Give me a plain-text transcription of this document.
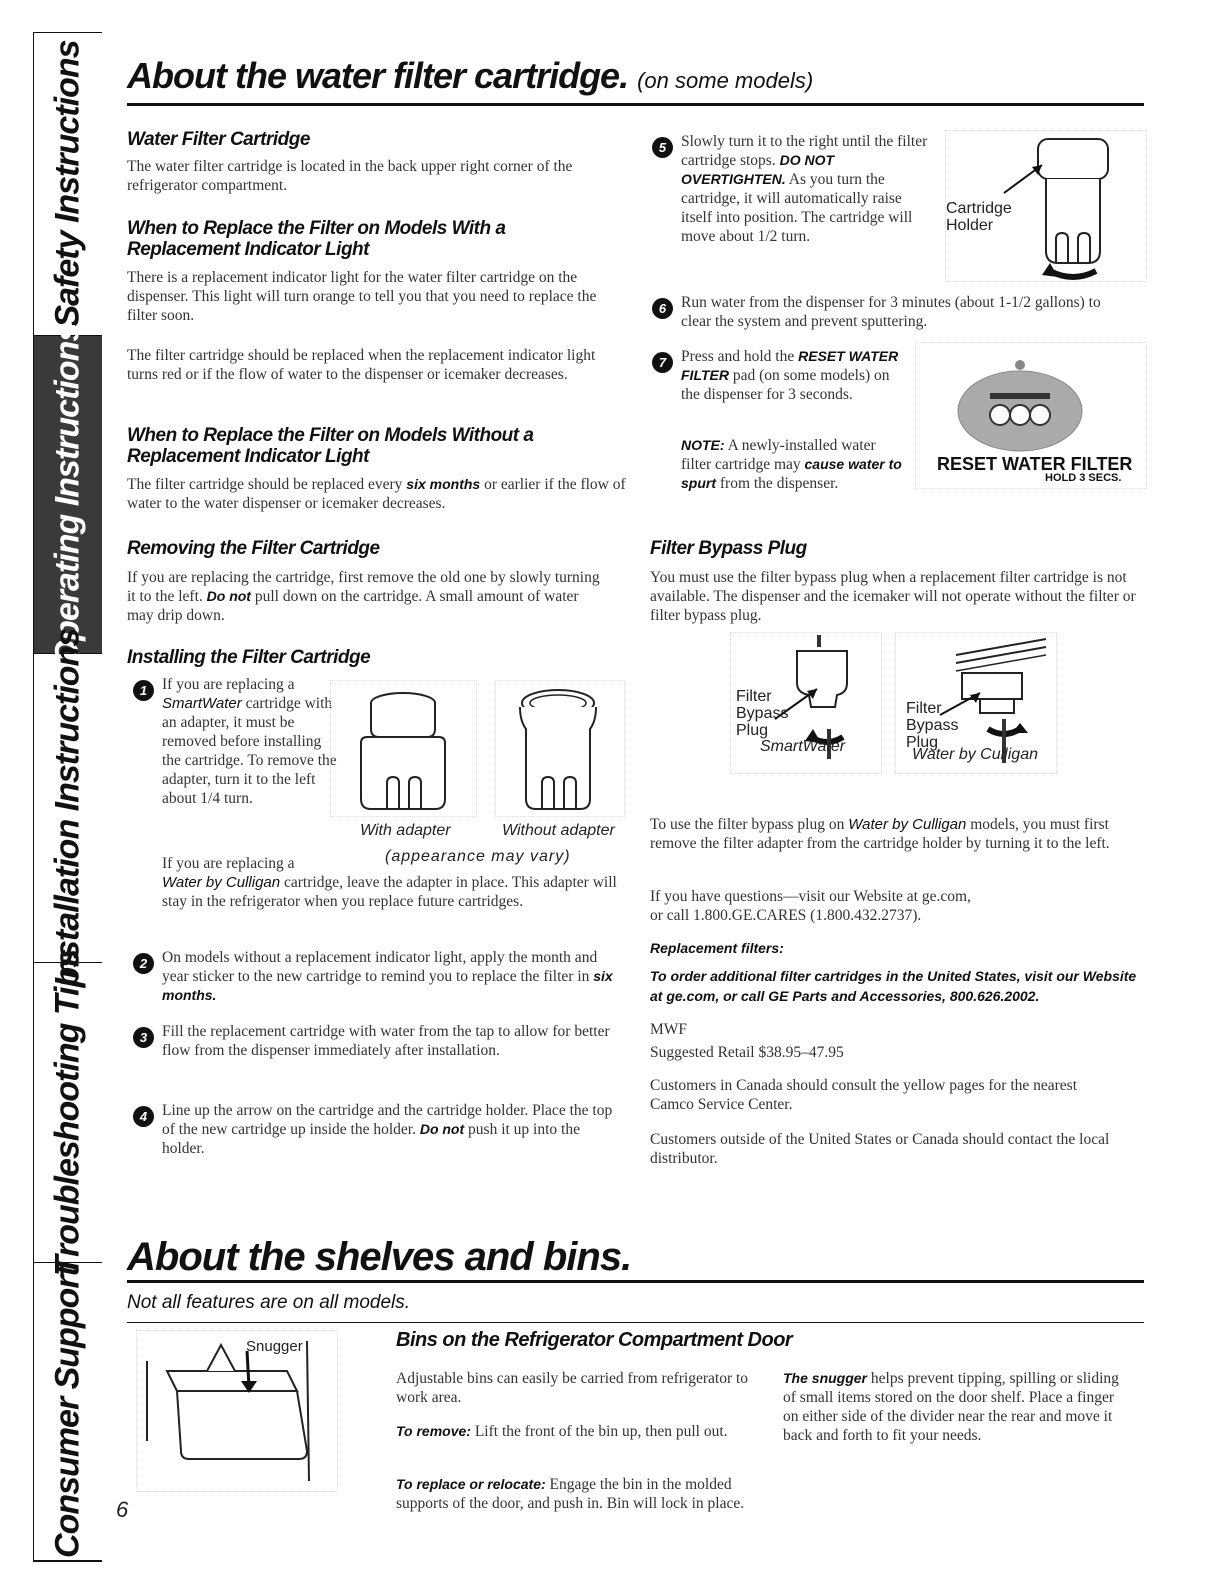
Safety Instructions
Operating Instructions
Installation Instructions
Troubleshooting Tips
Consumer Support
About the water filter cartridge. (on some models)
Water Filter Cartridge

The water filter cartridge is located in the back upper right corner of the refrigerator compartment.

When to Replace the Filter on Models With a Replacement Indicator Light

There is a replacement indicator light for the water filter cartridge on the dispenser. This light will turn orange to tell you that you need to replace the filter soon.

The filter cartridge should be replaced when the replacement indicator light turns red or if the flow of water to the dispenser or icemaker decreases.

When to Replace the Filter on Models Without a Replacement Indicator Light

The filter cartridge should be replaced every six months or earlier if the flow of water to the water dispenser or icemaker decreases.

Removing the Filter Cartridge

If you are replacing the cartridge, first remove the old one by slowly turning it to the left. Do not pull down on the cartridge. A small amount of water may drip down.

Installing the Filter Cartridge
1 If you are replacing a SmartWater cartridge with an adapter, it must be removed before installing the cartridge. To remove the adapter, turn it to the left about 1/4 turn.

With adapter	Without adapter
(appearance may vary)

If you are replacing a

Water by Culligan cartridge, leave the adapter in place. This adapter will stay in the refrigerator when you replace future cartridges.

2 On models without a replacement indicator light, apply the month and year sticker to the new cartridge to remind you to replace the filter in six months.

3 Fill the replacement cartridge with water from the tap to allow for better flow from the dispenser immediately after installation.

4 Line up the arrow on the cartridge and the cartridge holder. Place the top of the new cartridge up inside the holder. Do not push it up into the holder.

5 Slowly turn it to the right until the filter cartridge stops. DO NOT OVERTIGHTEN. As you turn the cartridge, it will automatically raise itself into position. The cartridge will move about 1/2 turn.

Cartridge Holder
6 Run water from the dispenser for 3 minutes (about 1-1/2 gallons) to clear the system and prevent sputtering.

7 Press and hold the RESET WATER FILTER pad (on some models) on the dispenser for 3 seconds.

NOTE: A newly-installed water filter cartridge may cause water to spurt from the dispenser.

RESET WATER FILTER
HOLD 3 SECS.
Filter Bypass Plug

You must use the filter bypass plug when a replacement filter cartridge is not available. The dispenser and the icemaker will not operate without the filter or filter bypass plug.

Filter Bypass Plug
SmartWater
Filter Bypass Plug
Water by Culligan

To use the filter bypass plug on Water by Culligan models, you must first remove the filter adapter from the cartridge holder by turning it to the left.

If you have questions—visit our Website at ge.com, or call 1.800.GE.CARES (1.800.432.2737).

Replacement filters:

To order additional filter cartridges in the United States, visit our Website at ge.com, or call GE Parts and Accessories, 800.626.2002.

MWF

Suggested Retail $38.95–47.95

Customers in Canada should consult the yellow pages for the nearest Camco Service Center.

Customers outside of the United States or Canada should contact the local distributor.

About the shelves and bins.
Not all features are on all models.
Snugger	Bins on the Refrigerator Compartment Door

Adjustable bins can easily be carried from refrigerator to work area.

To remove: Lift the front of the bin up, then pull out.

To replace or relocate: Engage the bin in the molded supports of the door, and push in. Bin will lock in place.

The snugger helps prevent tipping, spilling or sliding of small items stored on the door shelf. Place a finger on either side of the divider near the rear and move it back and forth to fit your needs.

6
